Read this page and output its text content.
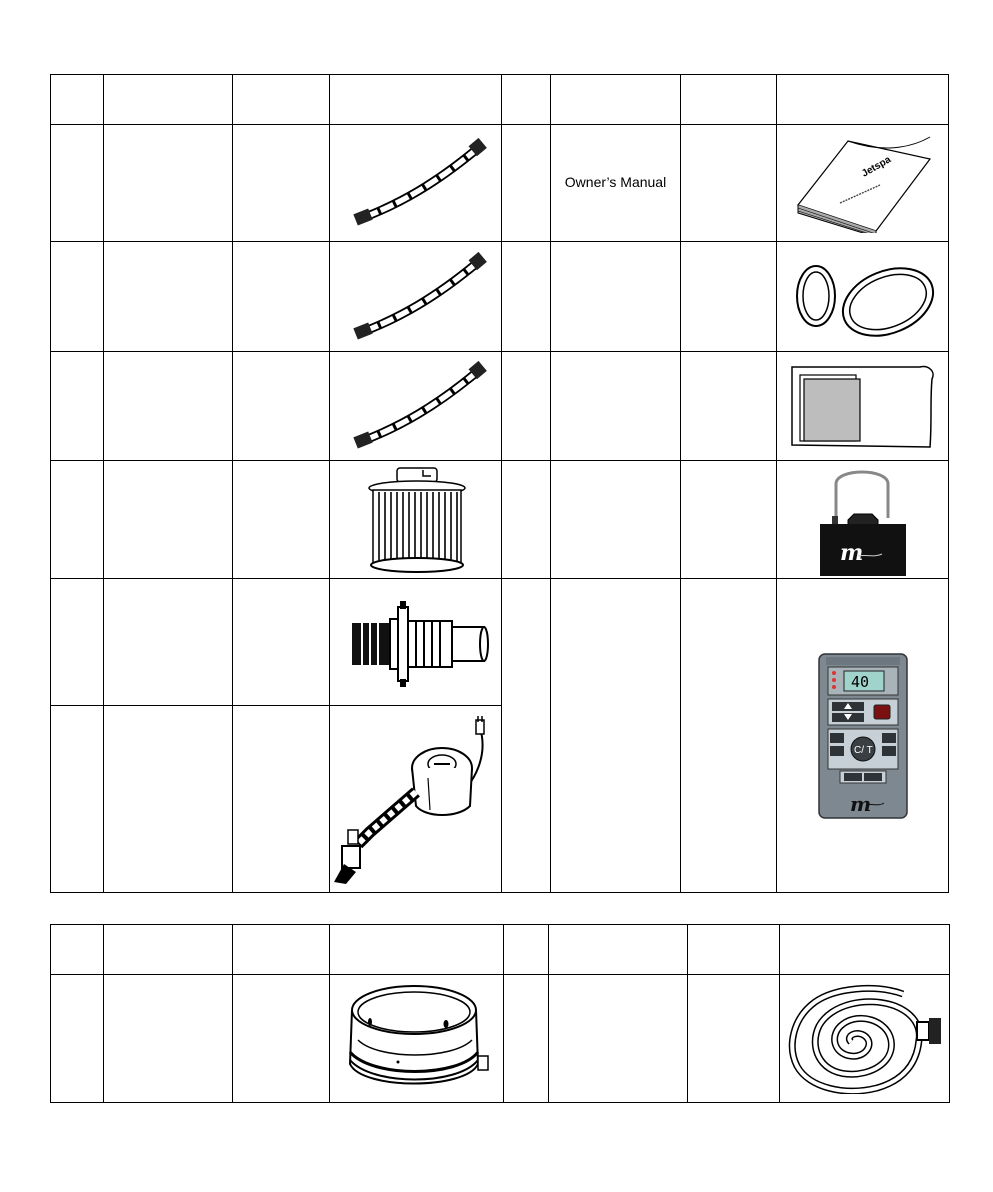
		Owner’s Manual		Jetspa

m

40
C/ T
m
